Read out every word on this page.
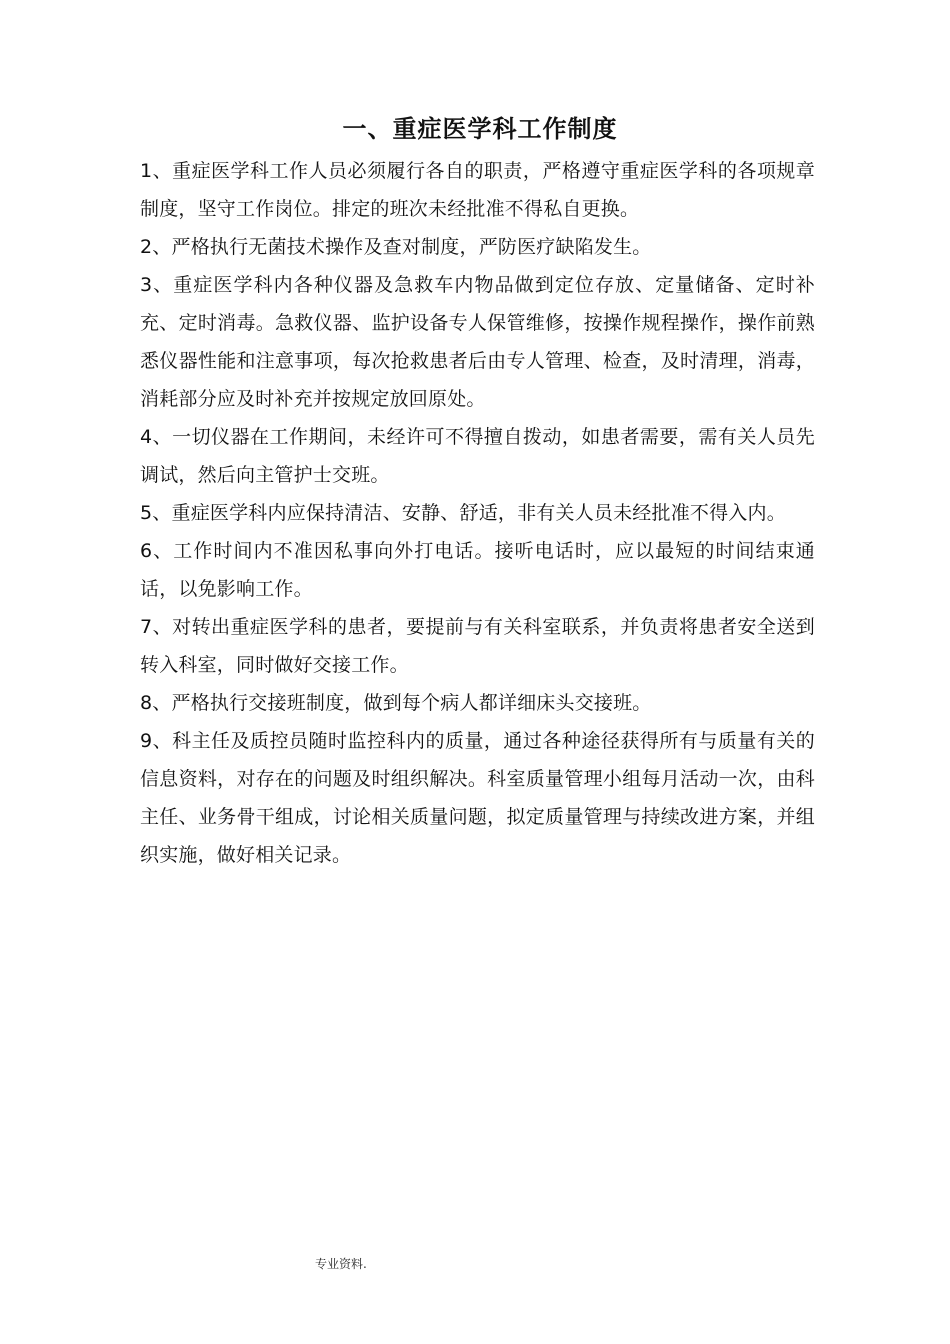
一、重症医学科工作制度
1、重症医学科工作人员必须履行各自的职责，严格遵守重症医学科的各项规章制度，坚守工作岗位。排定的班次未经批准不得私自更换。
2、严格执行无菌技术操作及查对制度，严防医疗缺陷发生。
3、重症医学科内各种仪器及急救车内物品做到定位存放、定量储备、定时补充、定时消毒。急救仪器、监护设备专人保管维修，按操作规程操作，操作前熟悉仪器性能和注意事项，每次抢救患者后由专人管理、检查，及时清理，消毒，消耗部分应及时补充并按规定放回原处。
4、一切仪器在工作期间，未经许可不得擅自拨动，如患者需要，需有关人员先调试，然后向主管护士交班。
5、重症医学科内应保持清洁、安静、舒适，非有关人员未经批准不得入内。
6、工作时间内不准因私事向外打电话。接听电话时，应以最短的时间结束通话，以免影响工作。
7、对转出重症医学科的患者，要提前与有关科室联系，并负责将患者安全送到转入科室，同时做好交接工作。
8、严格执行交接班制度，做到每个病人都详细床头交接班。
9、科主任及质控员随时监控科内的质量，通过各种途径获得所有与质量有关的信息资料，对存在的问题及时组织解决。科室质量管理小组每月活动一次，由科主任、业务骨干组成，讨论相关质量问题，拟定质量管理与持续改进方案，并组织实施，做好相关记录。
专业资料.
